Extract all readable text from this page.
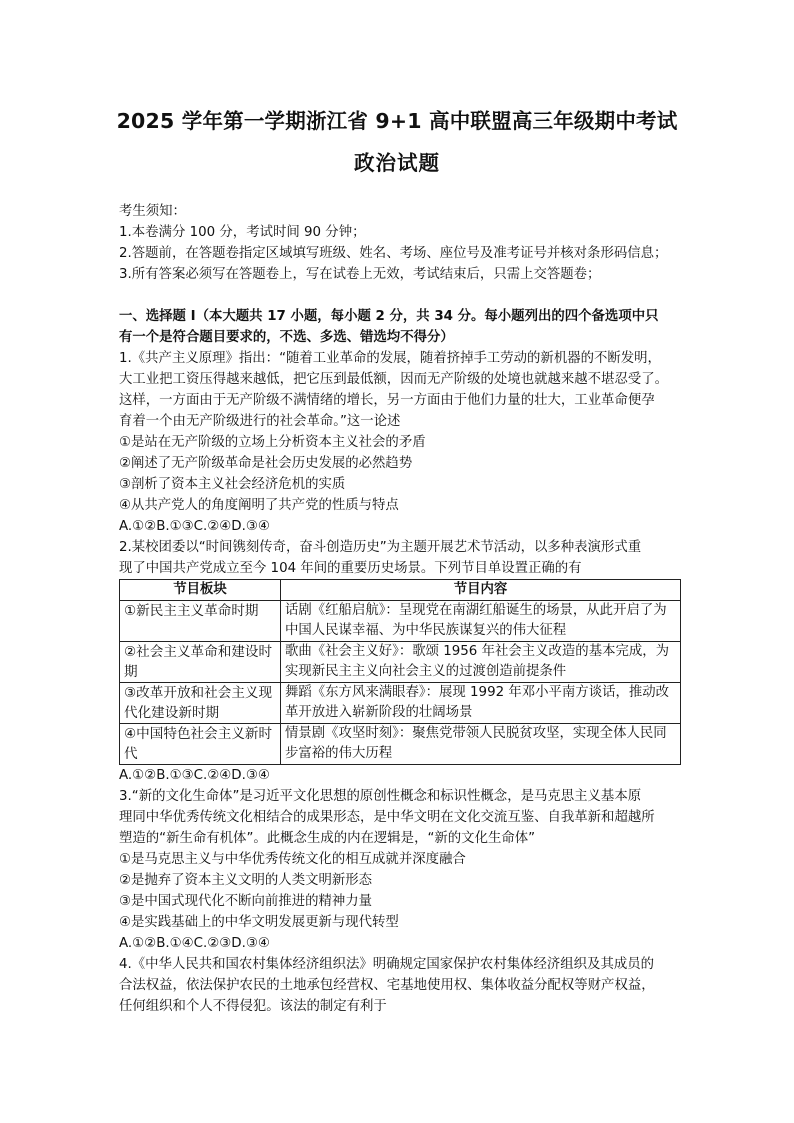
2025 学年第一学期浙江省 9+1 高中联盟高三年级期中考试
政治试题
考生须知：
1.本卷满分 100 分，考试时间 90 分钟；
2.答题前，在答题卷指定区域填写班级、姓名、考场、座位号及准考证号并核对条形码信息；
3.所有答案必须写在答题卷上，写在试卷上无效，考试结束后，只需上交答题卷；
一、选择题 I（本大题共 17 小题，每小题 2 分，共 34 分。每小题列出的四个备选项中只
有一个是符合题目要求的，不选、多选、错选均不得分）
1.《共产主义原理》指出：“随着工业革命的发展，随着挤掉手工劳动的新机器的不断发明，
大工业把工资压得越来越低，把它压到最低额，因而无产阶级的处境也就越来越不堪忍受了。
这样，一方面由于无产阶级不满情绪的增长，另一方面由于他们力量的壮大，工业革命便孕
育着一个由无产阶级进行的社会革命。”这一论述
①是站在无产阶级的立场上分析资本主义社会的矛盾
②阐述了无产阶级革命是社会历史发展的必然趋势
③剖析了资本主义社会经济危机的实质
④从共产党人的角度阐明了共产党的性质与特点
A.①②B.①③C.②④D.③④
2.某校团委以“时间镌刻传奇，奋斗创造历史”为主题开展艺术节活动，以多种表演形式重
现了中国共产党成立至今 104 年间的重要历史场景。下列节目单设置正确的有
节目板块	节目内容
①新民主主义革命时期	话剧《红船启航》：呈现党在南湖红船诞生的场景，从此开启了为中国人民谋幸福、为中华民族谋复兴的伟大征程
②社会主义革命和建设时期	歌曲《社会主义好》：歌颂 1956 年社会主义改造的基本完成，为实现新民主主义向社会主义的过渡创造前提条件
③改革开放和社会主义现代化建设新时期	舞蹈《东方风来满眼春》：展现 1992 年邓小平南方谈话，推动改革开放进入崭新阶段的壮阔场景
④中国特色社会主义新时代	情景剧《攻坚时刻》：聚焦党带领人民脱贫攻坚，实现全体人民同步富裕的伟大历程
A.①②B.①③C.②④D.③④
3.“新的文化生命体”是习近平文化思想的原创性概念和标识性概念，是马克思主义基本原
理同中华优秀传统文化相结合的成果形态，是中华文明在文化交流互鉴、自我革新和超越所
塑造的“新生命有机体”。此概念生成的内在逻辑是，“新的文化生命体”
①是马克思主义与中华优秀传统文化的相互成就并深度融合
②是抛弃了资本主义文明的人类文明新形态
③是中国式现代化不断向前推进的精神力量
④是实践基础上的中华文明发展更新与现代转型
A.①②B.①④C.②③D.③④
4.《中华人民共和国农村集体经济组织法》明确规定国家保护农村集体经济组织及其成员的
合法权益，依法保护农民的土地承包经营权、宅基地使用权、集体收益分配权等财产权益，
任何组织和个人不得侵犯。该法的制定有利于
